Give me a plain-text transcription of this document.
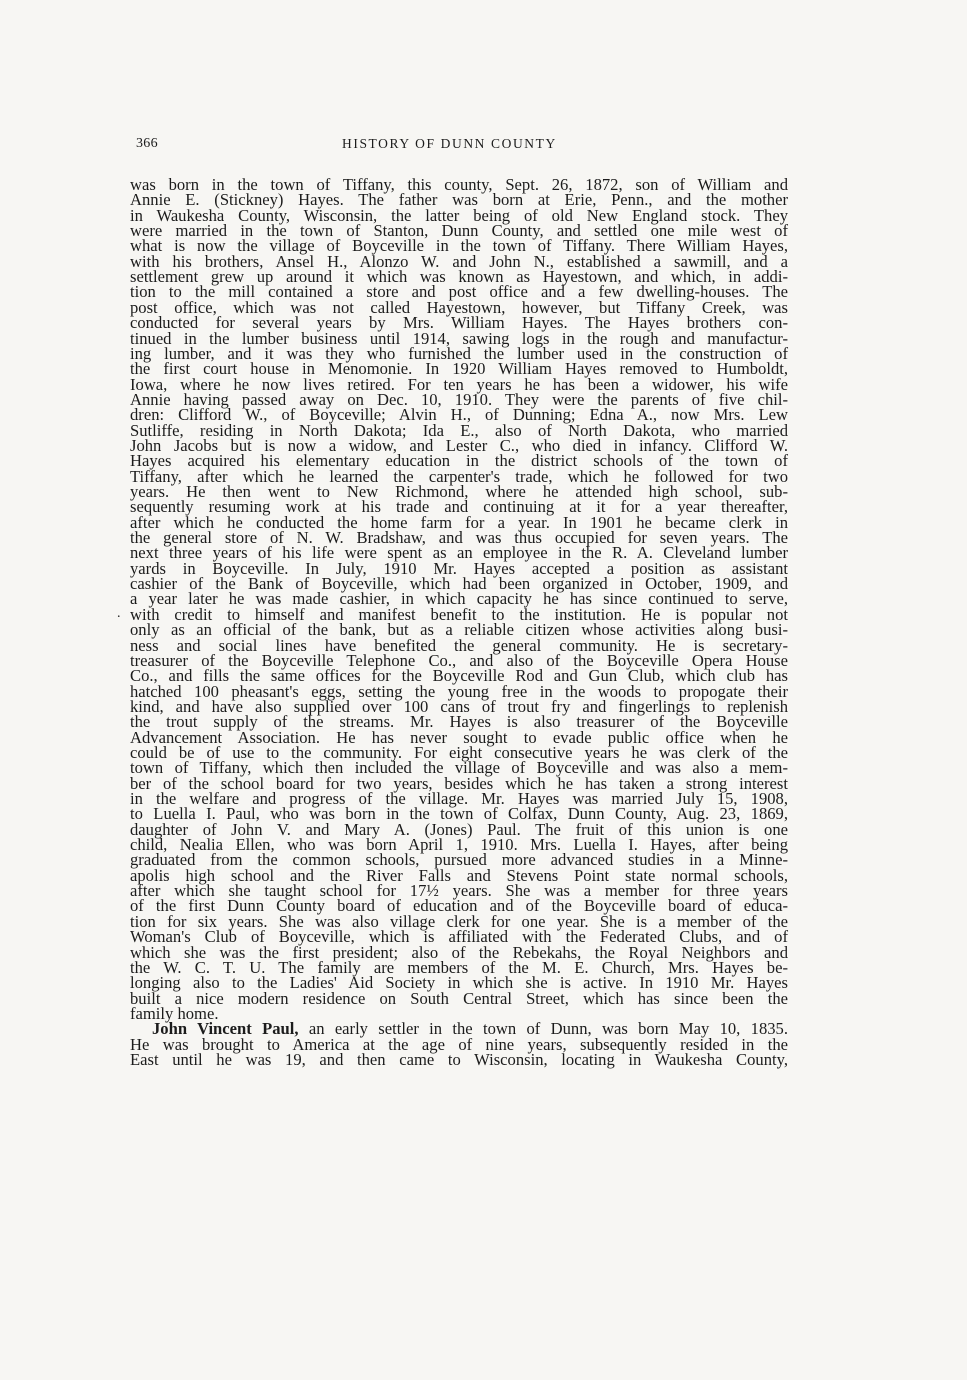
366	HISTORY OF DUNN COUNTY
.
was born in the town of Tiffany, this county, Sept. 26, 1872, son of William and
Annie E. (Stickney) Hayes. The father was born at Erie, Penn., and the mother
in Waukesha County, Wisconsin, the latter being of old New England stock. They
were married in the town of Stanton, Dunn County, and settled one mile west of
what is now the village of Boyceville in the town of Tiffany. There William Hayes,
with his brothers, Ansel H., Alonzo W. and John N., established a sawmill, and a
settlement grew up around it which was known as Hayestown, and which, in addi-
tion to the mill contained a store and post office and a few dwelling-houses. The
post office, which was not called Hayestown, however, but Tiffany Creek, was
conducted for several years by Mrs. William Hayes. The Hayes brothers con-
tinued in the lumber business until 1914, sawing logs in the rough and manufactur-
ing lumber, and it was they who furnished the lumber used in the construction of
the first court house in Menomonie. In 1920 William Hayes removed to Humboldt,
Iowa, where he now lives retired. For ten years he has been a widower, his wife
Annie having passed away on Dec. 10, 1910. They were the parents of five chil-
dren: Clifford W., of Boyceville; Alvin H., of Dunning; Edna A., now Mrs. Lew
Sutliffe, residing in North Dakota; Ida E., also of North Dakota, who married
John Jacobs but is now a widow, and Lester C., who died in infancy. Clifford W.
Hayes acquired his elementary education in the district schools of the town of
Tiffany, after which he learned the carpenter's trade, which he followed for two
years. He then went to New Richmond, where he attended high school, sub-
sequently resuming work at his trade and continuing at it for a year thereafter,
after which he conducted the home farm for a year. In 1901 he became clerk in
the general store of N. W. Bradshaw, and was thus occupied for seven years. The
next three years of his life were spent as an employee in the R. A. Cleveland lumber
yards in Boyceville. In July, 1910 Mr. Hayes accepted a position as assistant
cashier of the Bank of Boyceville, which had been organized in October, 1909, and
a year later he was made cashier, in which capacity he has since continued to serve,
with credit to himself and manifest benefit to the institution. He is popular not
only as an official of the bank, but as a reliable citizen whose activities along busi-
ness and social lines have benefited the general community. He is secretary-
treasurer of the Boyceville Telephone Co., and also of the Boyceville Opera House
Co., and fills the same offices for the Boyceville Rod and Gun Club, which club has
hatched 100 pheasant's eggs, setting the young free in the woods to propogate their
kind, and have also supplied over 100 cans of trout fry and fingerlings to replenish
the trout supply of the streams. Mr. Hayes is also treasurer of the Boyceville
Advancement Association. He has never sought to evade public office when he
could be of use to the community. For eight consecutive years he was clerk of the
town of Tiffany, which then included the village of Boyceville and was also a mem-
ber of the school board for two years, besides which he has taken a strong interest
in the welfare and progress of the village. Mr. Hayes was married July 15, 1908,
to Luella I. Paul, who was born in the town of Colfax, Dunn County, Aug. 23, 1869,
daughter of John V. and Mary A. (Jones) Paul. The fruit of this union is one
child, Nealia Ellen, who was born April 1, 1910. Mrs. Luella I. Hayes, after being
graduated from the common schools, pursued more advanced studies in a Minne-
apolis high school and the River Falls and Stevens Point state normal schools,
after which she taught school for 17½ years. She was a member for three years
of the first Dunn County board of education and of the Boyceville board of educa-
tion for six years. She was also village clerk for one year. She is a member of the
Woman's Club of Boyceville, which is affiliated with the Federated Clubs, and of
which she was the first president; also of the Rebekahs, the Royal Neighbors and
the W. C. T. U. The family are members of the M. E. Church, Mrs. Hayes be-
longing also to the Ladies' Aid Society in which she is active. In 1910 Mr. Hayes
built a nice modern residence on South Central Street, which has since been the
family home.
John Vincent Paul, an early settler in the town of Dunn, was born May 10, 1835.
He was brought to America at the age of nine years, subsequently resided in the
East until he was 19, and then came to Wisconsin, locating in Waukesha County,
